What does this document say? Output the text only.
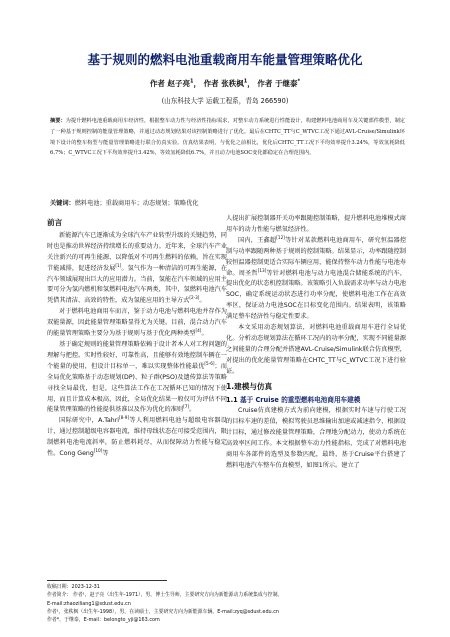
基于规则的燃料电池重载商用车能量管理策略优化
作者 赵子亮$^1$， 作者 张秩枫$^1$， 作者 于继泰*
(山东科技大学 运载工程系，青岛 266590)
摘要：为提升燃料电池重载商用车经济性，根据整车动力性与经济性指标需求，对整车动力系统进行性能设计，构建燃料电池商用车及关键部件模型，制定了一种基于规则控制的能量管理策略，并通过动态规划结果对该控制策略进行了优化。最后在CHTC_TT与C_WTVC工况下通过AVL-Cruise/Simulink环境下设计的整车构型与能量管理策略进行联合仿真实验。仿真结果表明，与优化之前相比，优化后CHTC_TT工况下平均效率提升3.24%，等效氢耗降低6.7%；C_WTVC工况下平均效率提升3.42%，等效氢耗降低6.7%，并且动力电池SOC变化都稳定在合理范围内。
关键词：燃料电池；重载商用车；动态规划；策略优化
前言

新能源汽车已逐渐成为全球汽车产业转型升级的关键趋势，同时也是推动世界经济持续增长的重要动力。近年来，全球汽车产业关注新兴的可再生能源，以降低对不可再生燃料的依赖，旨在实现节能减排，促进经济发展[1]。氢气作为一种清洁的可再生能源，在汽车领域展现出巨大的应用潜力。当前，氢能在汽车领域的应用主要可分为氢内燃机和氢燃料电池汽车两类，其中，氢燃料电池汽车凭借其清洁、高效的特性，成为氢能应用的主导方式[2-3]。

对于燃料电池商用车而言，鉴于动力电池与燃料电池并存作为双能量源，因此能量管理策略显得尤为关键。目前，混合动力汽车的能量管理策略主要分为基于规则与基于优化两种类型[4]。

基于确定规则的能量管理策略依赖于设计者本人对工程问题的理解与把控。实时性较好，可靠性高，且能够有效地控制车辆在一个能量的使用，但设计目标单一，难以实现整体性能最优[5-6]；而全局优化策略基于动态规划(DP)、粒子群(PSO)及遗传算法等策略寻找全局最优，但是，这些算法工作在工况循环已知的情况下使用，而且计算成本极高，因此，全局优化结果一般仅可为评估不同能量管理策略的性能提供基准以及作为优化的准则[7]。

国际研究中，A.Tahri[8-9]等人利用燃料电池与超级电容器设计，通过控制超级电容器电流，维持母线状态在可接受范围内，限制燃料电池电流斜率，防止燃料耗尽，从而保障动力性能与稳定性。Cong Geng[10]等

人提出扩展控制器开关功率跟随控制策略，提升燃料电池堆模式商用车的动力性能与燃氧经济性。

国内，王鑫超[12]等针对某款燃料电池商用车，研究恒温器控制与功率跟随两种基于规则的控制策略。结果显示，功率跟随控制较恒温器控制更适合实际车辆应用，能保持整车动力性能与电池寿命。周圣哲[13]等针对燃料电池与动力电池混合储能系统的汽车，提出优化的状态机控制策略。该策略引入负载需求功率与动力电池SOC，确定系统运动状态进行功率分配，使燃料电池工作在高效率区，保证动力电池SOC在目标变化范围内。结果表明，该策略满足整车经济性与稳定性要求。

本文采用动态规划算法，对燃料电池重载商用车进行全局优化。分析动态规划算法在循环工况内的功率分配，实现不同能量源之间能量的合理分配并搭建AVL-Cruise/Simulink联合仿真模型，对提出的优化能量管理策略在CHTC_TT与C_WTVC工况下进行验证。

1.建模与仿真
1.1 基于 Cruise 的重型燃料电池商用车建模

Cruise仿真建模方式为前向建模，根据实时车速与行驶工况的目标车速的差值，模拟驾驶员思维输出加速或减速指令，根据设计目标，通过修改能量管理策略，合理地分配动力，使动力系统在高效率区间工作。本文根据整车动力性能指标，完成了对燃料电池商用车各部件的选型及参数匹配，最终，基于Cruise平台搭建了燃料电池汽车整车仿真模型，如图1所示。建立了

收稿日期：2023-12-31
作者简介： 作者¹，赵子亮（出生年-1971），男，博士生导师，主要研究方向为新能源动力系统集成与控制。
E-mail:zhaoziliang1@sdust.edu.cn
作者¹，张秩枫（出生年-1998），男，在读硕士，主要研究方向为新能源车辆。E-mail:zyq@sdust.edu.cn
作者*，于继泰，E-mail：belongto_yji@163.com
